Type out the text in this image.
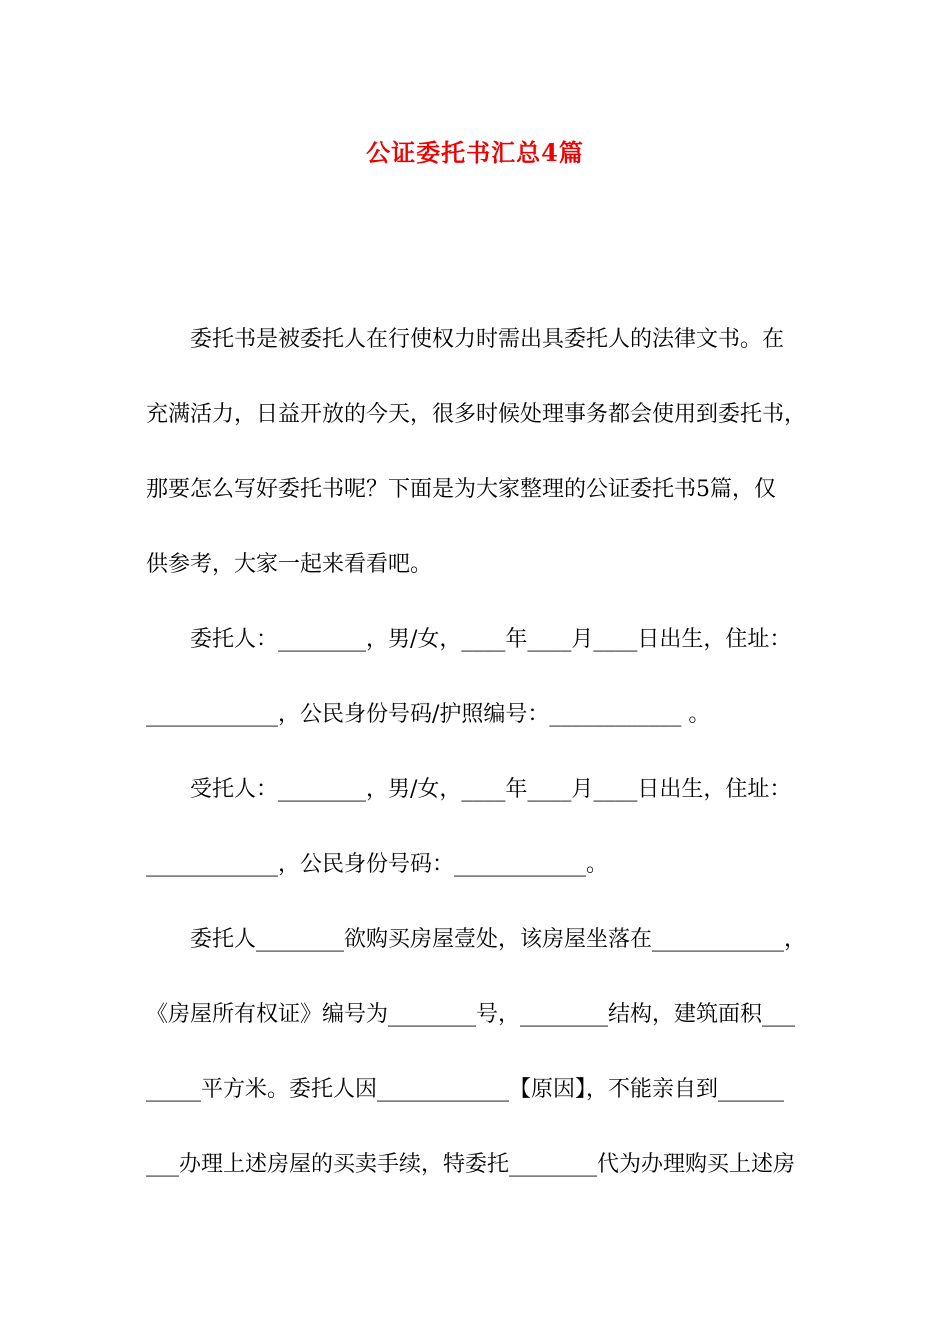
公证委托书汇总4篇
委托书是被委托人在行使权力时需出具委托人的法律文书。在
充满活力，日益开放的今天，很多时候处理事务都会使用到委托书，
那要怎么写好委托书呢？下面是为大家整理的公证委托书5篇，仅
供参考，大家一起来看看吧。
委托人：________，男/女，____年____月____日出生，住址：
____________，公民身份号码/护照编号：____________ 。
受托人：________，男/女，____年____月____日出生，住址：
____________，公民身份号码：____________。
委托人________欲购买房屋壹处，该房屋坐落在____________，
《房屋所有权证》编号为________号，________结构，建筑面积___
_____平方米。委托人因____________【原因】，不能亲自到______
___办理上述房屋的买卖手续，特委托________代为办理购买上述房
